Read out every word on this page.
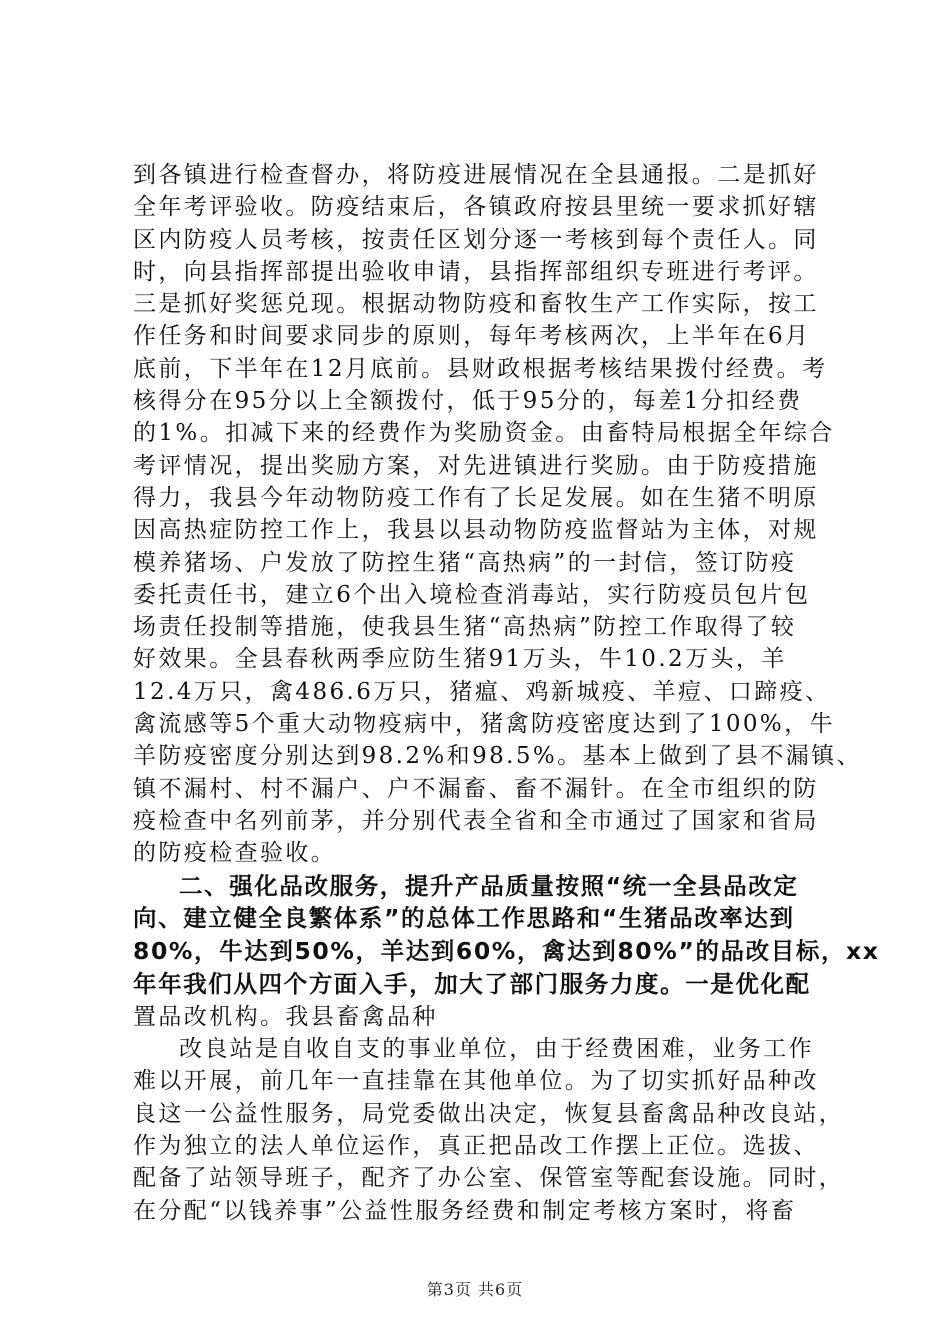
到各镇进行检查督办，将防疫进展情况在全县通报。二是抓好
全年考评验收。防疫结束后，各镇政府按县里统一要求抓好辖
区内防疫人员考核，按责任区划分逐一考核到每个责任人。同
时，向县指挥部提出验收申请，县指挥部组织专班进行考评。
三是抓好奖惩兑现。根据动物防疫和畜牧生产工作实际，按工
作任务和时间要求同步的原则，每年考核两次，上半年在6月
底前，下半年在12月底前。县财政根据考核结果拨付经费。考
核得分在95分以上全额拨付，低于95分的，每差1分扣经费
的1%。扣减下来的经费作为奖励资金。由畜特局根据全年综合
考评情况，提出奖励方案，对先进镇进行奖励。由于防疫措施
得力，我县今年动物防疫工作有了长足发展。如在生猪不明原
因高热症防控工作上，我县以县动物防疫监督站为主体，对规
模养猪场、户发放了防控生猪“高热病”的一封信，签订防疫
委托责任书，建立6个出入境检查消毒站，实行防疫员包片包
场责任投制等措施，使我县生猪“高热病”防控工作取得了较
好效果。全县春秋两季应防生猪91万头，牛10.2万头，羊
12.4万只，禽486.6万只，猪瘟、鸡新城疫、羊痘、口蹄疫、
禽流感等5个重大动物疫病中，猪禽防疫密度达到了100%，牛
羊防疫密度分别达到98.2%和98.5%。基本上做到了县不漏镇、
镇不漏村、村不漏户、户不漏畜、畜不漏针。在全市组织的防
疫检查中名列前茅，并分别代表全省和全市通过了国家和省局
的防疫检查验收。
二、强化品改服务，提升产品质量按照“统一全县品改定
向、建立健全良繁体系”的总体工作思路和“生猪品改率达到
80%，牛达到50%，羊达到60%，禽达到80%”的品改目标，xx
年年我们从四个方面入手，加大了部门服务力度。一是优化配
置品改机构。我县畜禽品种
改良站是自收自支的事业单位，由于经费困难，业务工作
难以开展，前几年一直挂靠在其他单位。为了切实抓好品种改
良这一公益性服务，局党委做出决定，恢复县畜禽品种改良站，
作为独立的法人单位运作，真正把品改工作摆上正位。选拔、
配备了站领导班子，配齐了办公室、保管室等配套设施。同时，
在分配“以钱养事”公益性服务经费和制定考核方案时，将畜
第3页 共6页
